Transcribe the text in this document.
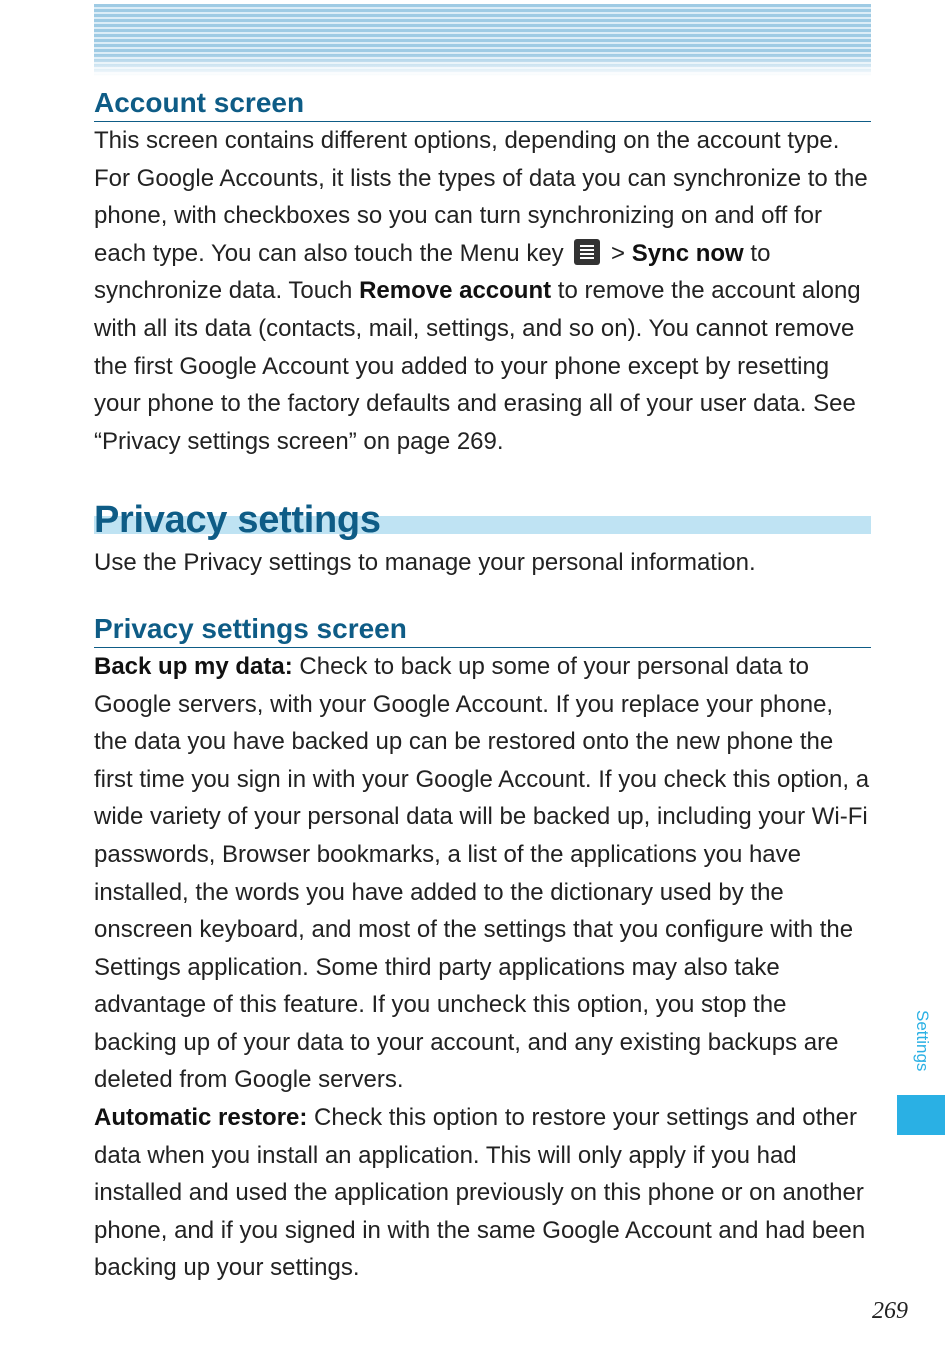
Account screen

This screen contains different options, depending on the account type. For Google Accounts, it lists the types of data you can synchronize to the phone, with checkboxes so you can turn synchronizing on and off for each type. You can also touch the Menu key
> Sync now to synchronize data. Touch Remove account to remove the account along with all its data (contacts, mail, settings, and so on). You cannot remove the first Google Account you added to your phone except by resetting your phone to the factory defaults and erasing all of your user data. See “Privacy settings screen” on page 269.

Privacy settings

Use the Privacy settings to manage your personal information.

Privacy settings screen

Back up my data: Check to back up some of your personal data to Google servers, with your Google Account. If you replace your phone, the data you have backed up can be restored onto the new phone the first time you sign in with your Google Account. If you check this option, a wide variety of your personal data will be backed up, including your Wi-Fi passwords, Browser bookmarks, a list of the applications you have installed, the words you have added to the dictionary used by the onscreen keyboard, and most of the settings that you configure with the Settings application. Some third party applications may also take advantage of this feature. If you uncheck this option, you stop the backing up of your data to your account, and any existing backups are deleted from Google servers.

Automatic restore: Check this option to restore your settings and other data when you install an application. This will only apply if you had installed and used the application previously on this phone or on another phone, and if you signed in with the same Google Account and had been backing up your settings.

Settings
269
